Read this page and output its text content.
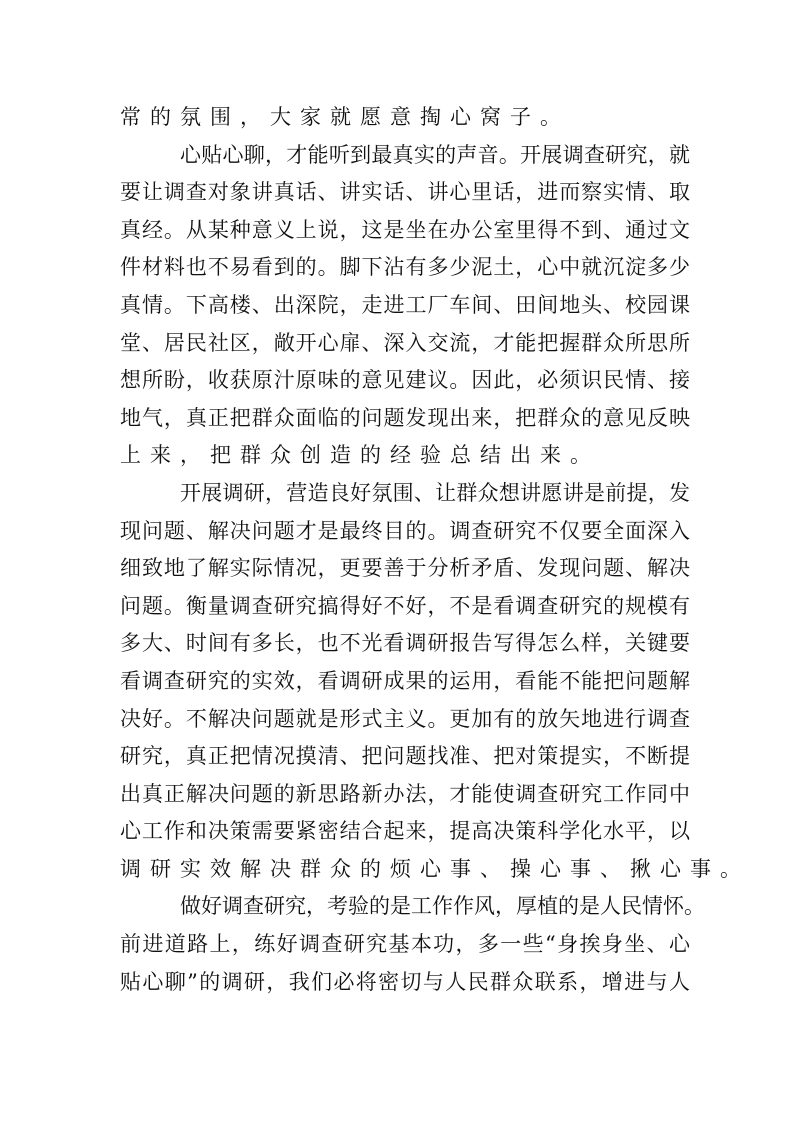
常的氛围，大家就愿意掏心窝子。
心贴心聊，才能听到最真实的声音。开展调查研究，就
要让调查对象讲真话、讲实话、讲心里话，进而察实情、取
真经。从某种意义上说，这是坐在办公室里得不到、通过文
件材料也不易看到的。脚下沾有多少泥土，心中就沉淀多少
真情。下高楼、出深院，走进工厂车间、田间地头、校园课
堂、居民社区，敞开心扉、深入交流，才能把握群众所思所
想所盼，收获原汁原味的意见建议。因此，必须识民情、接
地气，真正把群众面临的问题发现出来，把群众的意见反映
上来，把群众创造的经验总结出来。
开展调研，营造良好氛围、让群众想讲愿讲是前提，发
现问题、解决问题才是最终目的。调查研究不仅要全面深入
细致地了解实际情况，更要善于分析矛盾、发现问题、解决
问题。衡量调查研究搞得好不好，不是看调查研究的规模有
多大、时间有多长，也不光看调研报告写得怎么样，关键要
看调查研究的实效，看调研成果的运用，看能不能把问题解
决好。不解决问题就是形式主义。更加有的放矢地进行调查
研究，真正把情况摸清、把问题找准、把对策提实，不断提
出真正解决问题的新思路新办法，才能使调查研究工作同中
心工作和决策需要紧密结合起来，提高决策科学化水平，以
调研实效解决群众的烦心事、操心事、揪心事。
做好调查研究，考验的是工作作风，厚植的是人民情怀。
前进道路上，练好调查研究基本功，多一些“身挨身坐、心
贴心聊”的调研，我们必将密切与人民群众联系，增进与人
